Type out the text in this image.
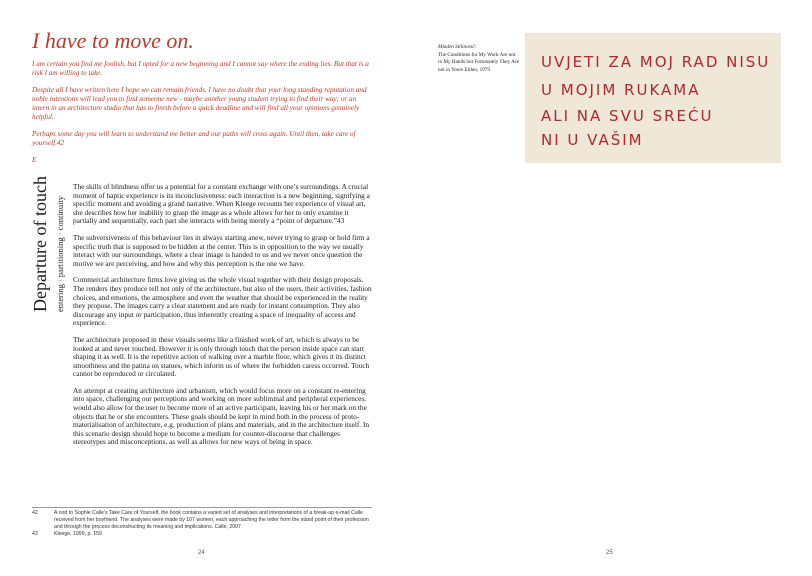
I have to move on.

I am certain you find me foolish, but I opted for a new beginning and I cannot say where the ending lies. But that is a risk I am willing to take.

Despite all I have written here I hope we can remain friends. I have no doubt that your long standing reputation and noble intentions will lead you to find someone new - maybe another young student trying to find their way; or an intern in an architecture studio that has to finish before a quick deadline and will find all your opinions genuinely helpful.

Perhaps some day you will learn to understand me better and our paths will cross again. Until then, take care of yourself.42

E

Departure of touch entering · partitioning · continuity

The skills of blindness offer us a potential for a constant exchange with one’s surroundings. A crucial moment of haptic experience is its inconclusiveness: each interaction is a new beginning, signifying a specific moment and avoiding a grand narrative. When Kleege recounts her experience of visual art, she describes how her inability to grasp the image as a whole allows for her to only examine it partially and sequentially, each part she interacts with being merely a “point of departure.”43

The subversiveness of this behaviour lies in always starting anew, never trying to grasp or hold firm a specific truth that is supposed to be hidden at the center. This is in opposition to the way we usually interact with our surroundings, where a clear image is handed to us and we never once question the motive we are perceiving, and how and why this perception is the one we have.

Commercial architecture firms love giving us the whole visual together with their design proposals. The renders they produce tell not only of the architecture, but also of the users, their activities, fashion choices, and emotions, the atmosphere and even the weather that should be experienced in the reality they propose. The images carry a clear statement and are ready for instant consumption. They also discourage any input or participation, thus inherently creating a space of inequality of access and experience.

The architecture proposed in these visuals seems like a finished work of art, which is always to be looked at and never touched. However it is only through touch that the person inside space can start shaping it as well. It is the repetitive action of walking over a marble floor, which gives it its distinct smoothness and the patina on statues, which inform us of where the forbidden caress occurred. Touch cannot be reproduced or circulated.

An attempt at creating architecture and urbanism, which would focus more on a constant re-entering into space, challenging our perceptions and working on more subliminal and peripheral experiences, would also allow for the user to become more of an active participant, leaving his or her mark on the objects that he or she encounters. These goals should be kept in mind both in the process of proto-materialisation of architecture, e.g. production of plans and materials, and in the architecture itself. In this scenario design should hope to become a medium for counter-discourse that challenges stereotypes and misconceptions, as well as allows for new ways of being in space.

42	A nod to Sophie Calle’s Take Care of Yourself, the book contains a varied set of analyses and interpretations of a break-up e-mail Calle received from her boyfriend. The analyses were made by 107 women, each approaching the letter from the stand point of their profession and through the process deconstructing its meaning and implications. Calle, 2007
43	Kleege, 1999, p. 159
24
Mladen Stilinović:
The Conditions for My Work Are not in My Hands but Fortunately They Are not in Yours Either, 1979	UVJETI ZA MOJ RAD NISU
U MOJIM RUKAMA
ALI NA SVU SREĆU
NI U VAŠIM
25
